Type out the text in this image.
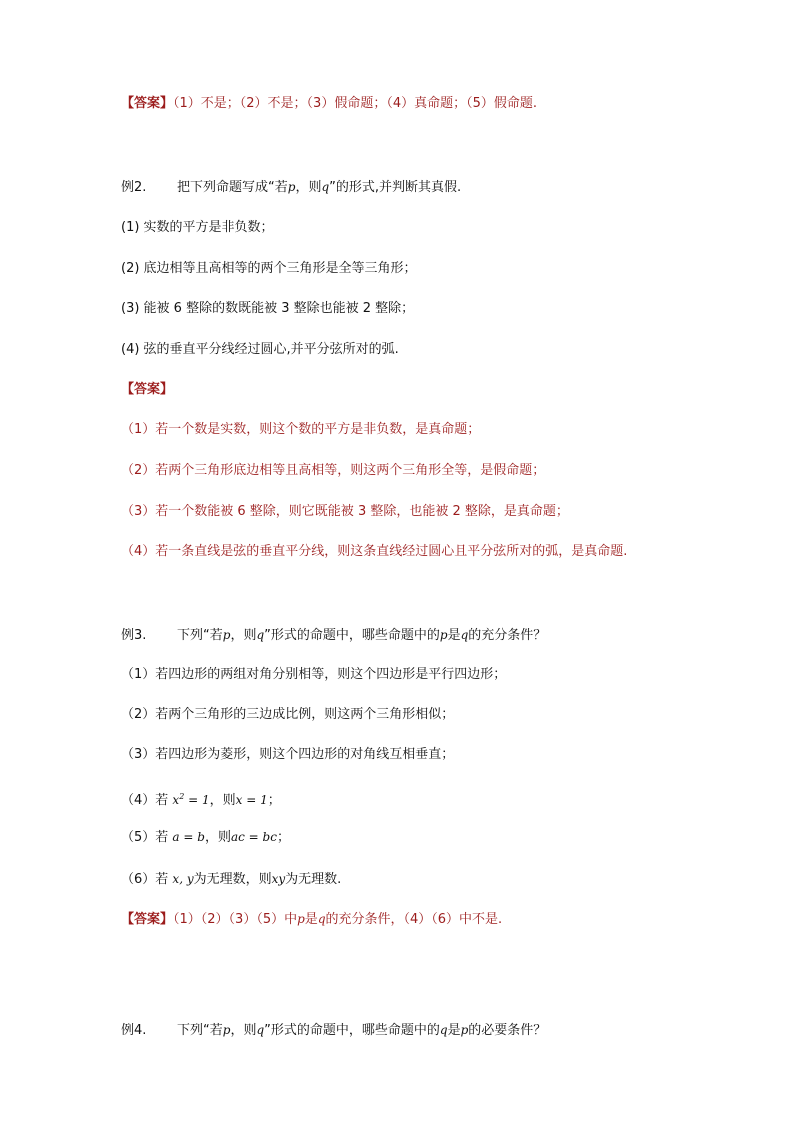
【答案】（1）不是；（2）不是；（3）假命题；（4）真命题；（5）假命题.
例2. 把下列命题写成“若p，则q”的形式,并判断其真假.
(1) 实数的平方是非负数；
(2) 底边相等且高相等的两个三角形是全等三角形；
(3) 能被 6 整除的数既能被 3 整除也能被 2 整除；
(4) 弦的垂直平分线经过圆心,并平分弦所对的弧.
【答案】
（1）若一个数是实数，则这个数的平方是非负数，是真命题；
（2）若两个三角形底边相等且高相等，则这两个三角形全等，是假命题；
（3）若一个数能被 6 整除，则它既能被 3 整除，也能被 2 整除，是真命题；
（4）若一条直线是弦的垂直平分线，则这条直线经过圆心且平分弦所对的弧，是真命题.
例3. 下列“若p，则q”形式的命题中，哪些命题中的p是q的充分条件？
（1）若四边形的两组对角分别相等，则这个四边形是平行四边形；
（2）若两个三角形的三边成比例，则这两个三角形相似；
（3）若四边形为菱形，则这个四边形的对角线互相垂直；
（4）若 $x^2 = 1$，则x = 1；
（5）若 a = b，则ac = bc；
（6）若 x, y为无理数，则xy为无理数.
【答案】（1）（2）（3）（5）中p是q的充分条件，（4）（6）中不是.
例4. 下列“若p，则q”形式的命题中，哪些命题中的q是p的必要条件？
